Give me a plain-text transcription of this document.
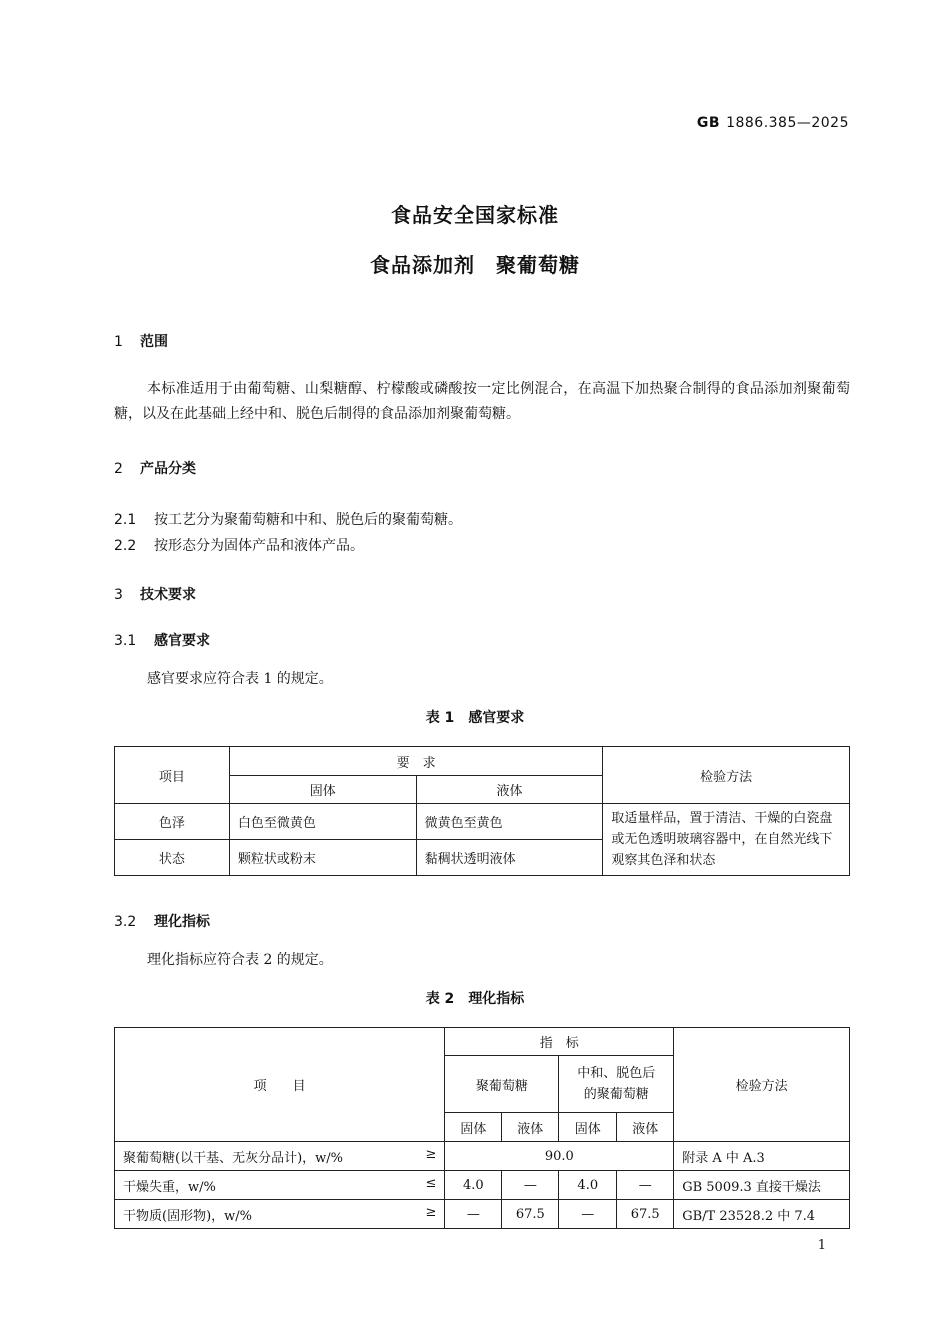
GB 1886.385—2025
食品安全国家标准
食品添加剂　聚葡萄糖
1 范围
本标准适用于由葡萄糖、山梨糖醇、柠檬酸或磷酸按一定比例混合，在高温下加热聚合制得的食品添加剂聚葡萄糖，以及在此基础上经中和、脱色后制得的食品添加剂聚葡萄糖。
2 产品分类
2.1 按工艺分为聚葡萄糖和中和、脱色后的聚葡萄糖。
2.2 按形态分为固体产品和液体产品。
3 技术要求
3.1 感官要求
感官要求应符合表 1 的规定。
表 1 感官要求
项目	要　求		检验方法
	固体	液体	
色泽	白色至微黄色	微黄色至黄色	取适量样品，置于清洁、干燥的白瓷盘或无色透明玻璃容器中，在自然光线下观察其色泽和状态
状态	颗粒状或粉末	黏稠状透明液体	
3.2 理化指标
理化指标应符合表 2 的规定。
表 2 理化指标
项　　目	指　标				检验方法
	聚葡萄糖		中和、脱色后的聚葡萄糖		
	固体	液体	固体	液体	
聚葡萄糖(以干基、无灰分品计)，w/% ≥	90.0				附录 A 中 A.3
干燥失重，w/% ≤	4.0	—	4.0	—	GB 5009.3 直接干燥法
干物质(固形物)，w/% ≥	—	67.5	—	67.5	GB/T 23528.2 中 7.4
1
